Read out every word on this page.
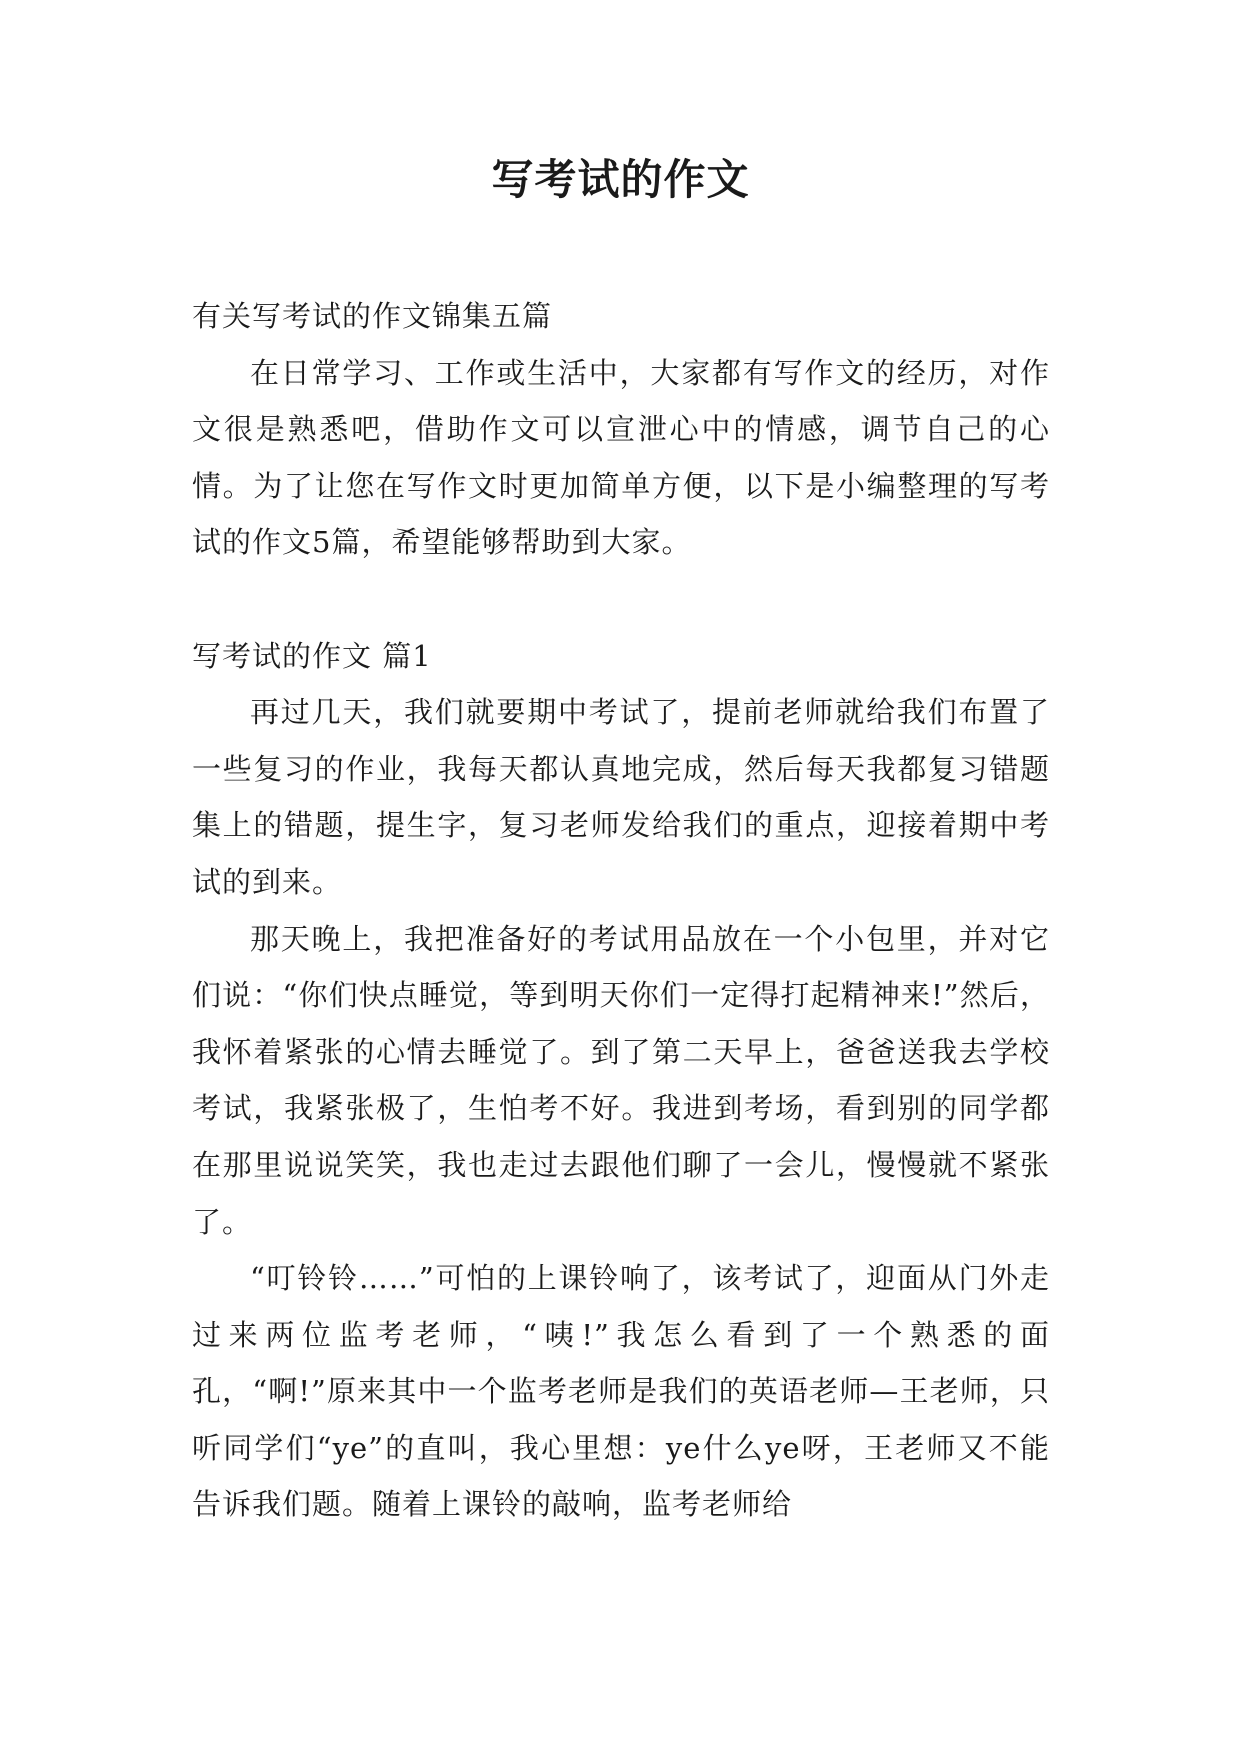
写考试的作文

有关写考试的作文锦集五篇

在日常学习、工作或生活中，大家都有写作文的经历，对作文很是熟悉吧，借助作文可以宣泄心中的情感，调节自己的心情。为了让您在写作文时更加简单方便，以下是小编整理的写考试的作文5篇，希望能够帮助到大家。

写考试的作文 篇1

再过几天，我们就要期中考试了，提前老师就给我们布置了一些复习的作业，我每天都认真地完成，然后每天我都复习错题集上的错题，提生字，复习老师发给我们的重点，迎接着期中考试的到来。

那天晚上，我把准备好的考试用品放在一个小包里，并对它们说：“你们快点睡觉，等到明天你们一定得打起精神来!”然后，我怀着紧张的心情去睡觉了。到了第二天早上，爸爸送我去学校考试，我紧张极了，生怕考不好。我进到考场，看到别的同学都在那里说说笑笑，我也走过去跟他们聊了一会儿，慢慢就不紧张了。

“叮铃铃……”可怕的上课铃响了，该考试了，迎面从门外走过来两位监考老师，“咦!”我怎么看到了一个熟悉的面孔，“啊!”原来其中一个监考老师是我们的英语老师—王老师，只听同学们“ye”的直叫，我心里想：ye什么ye呀，王老师又不能告诉我们题。随着上课铃的敲响，监考老师给
